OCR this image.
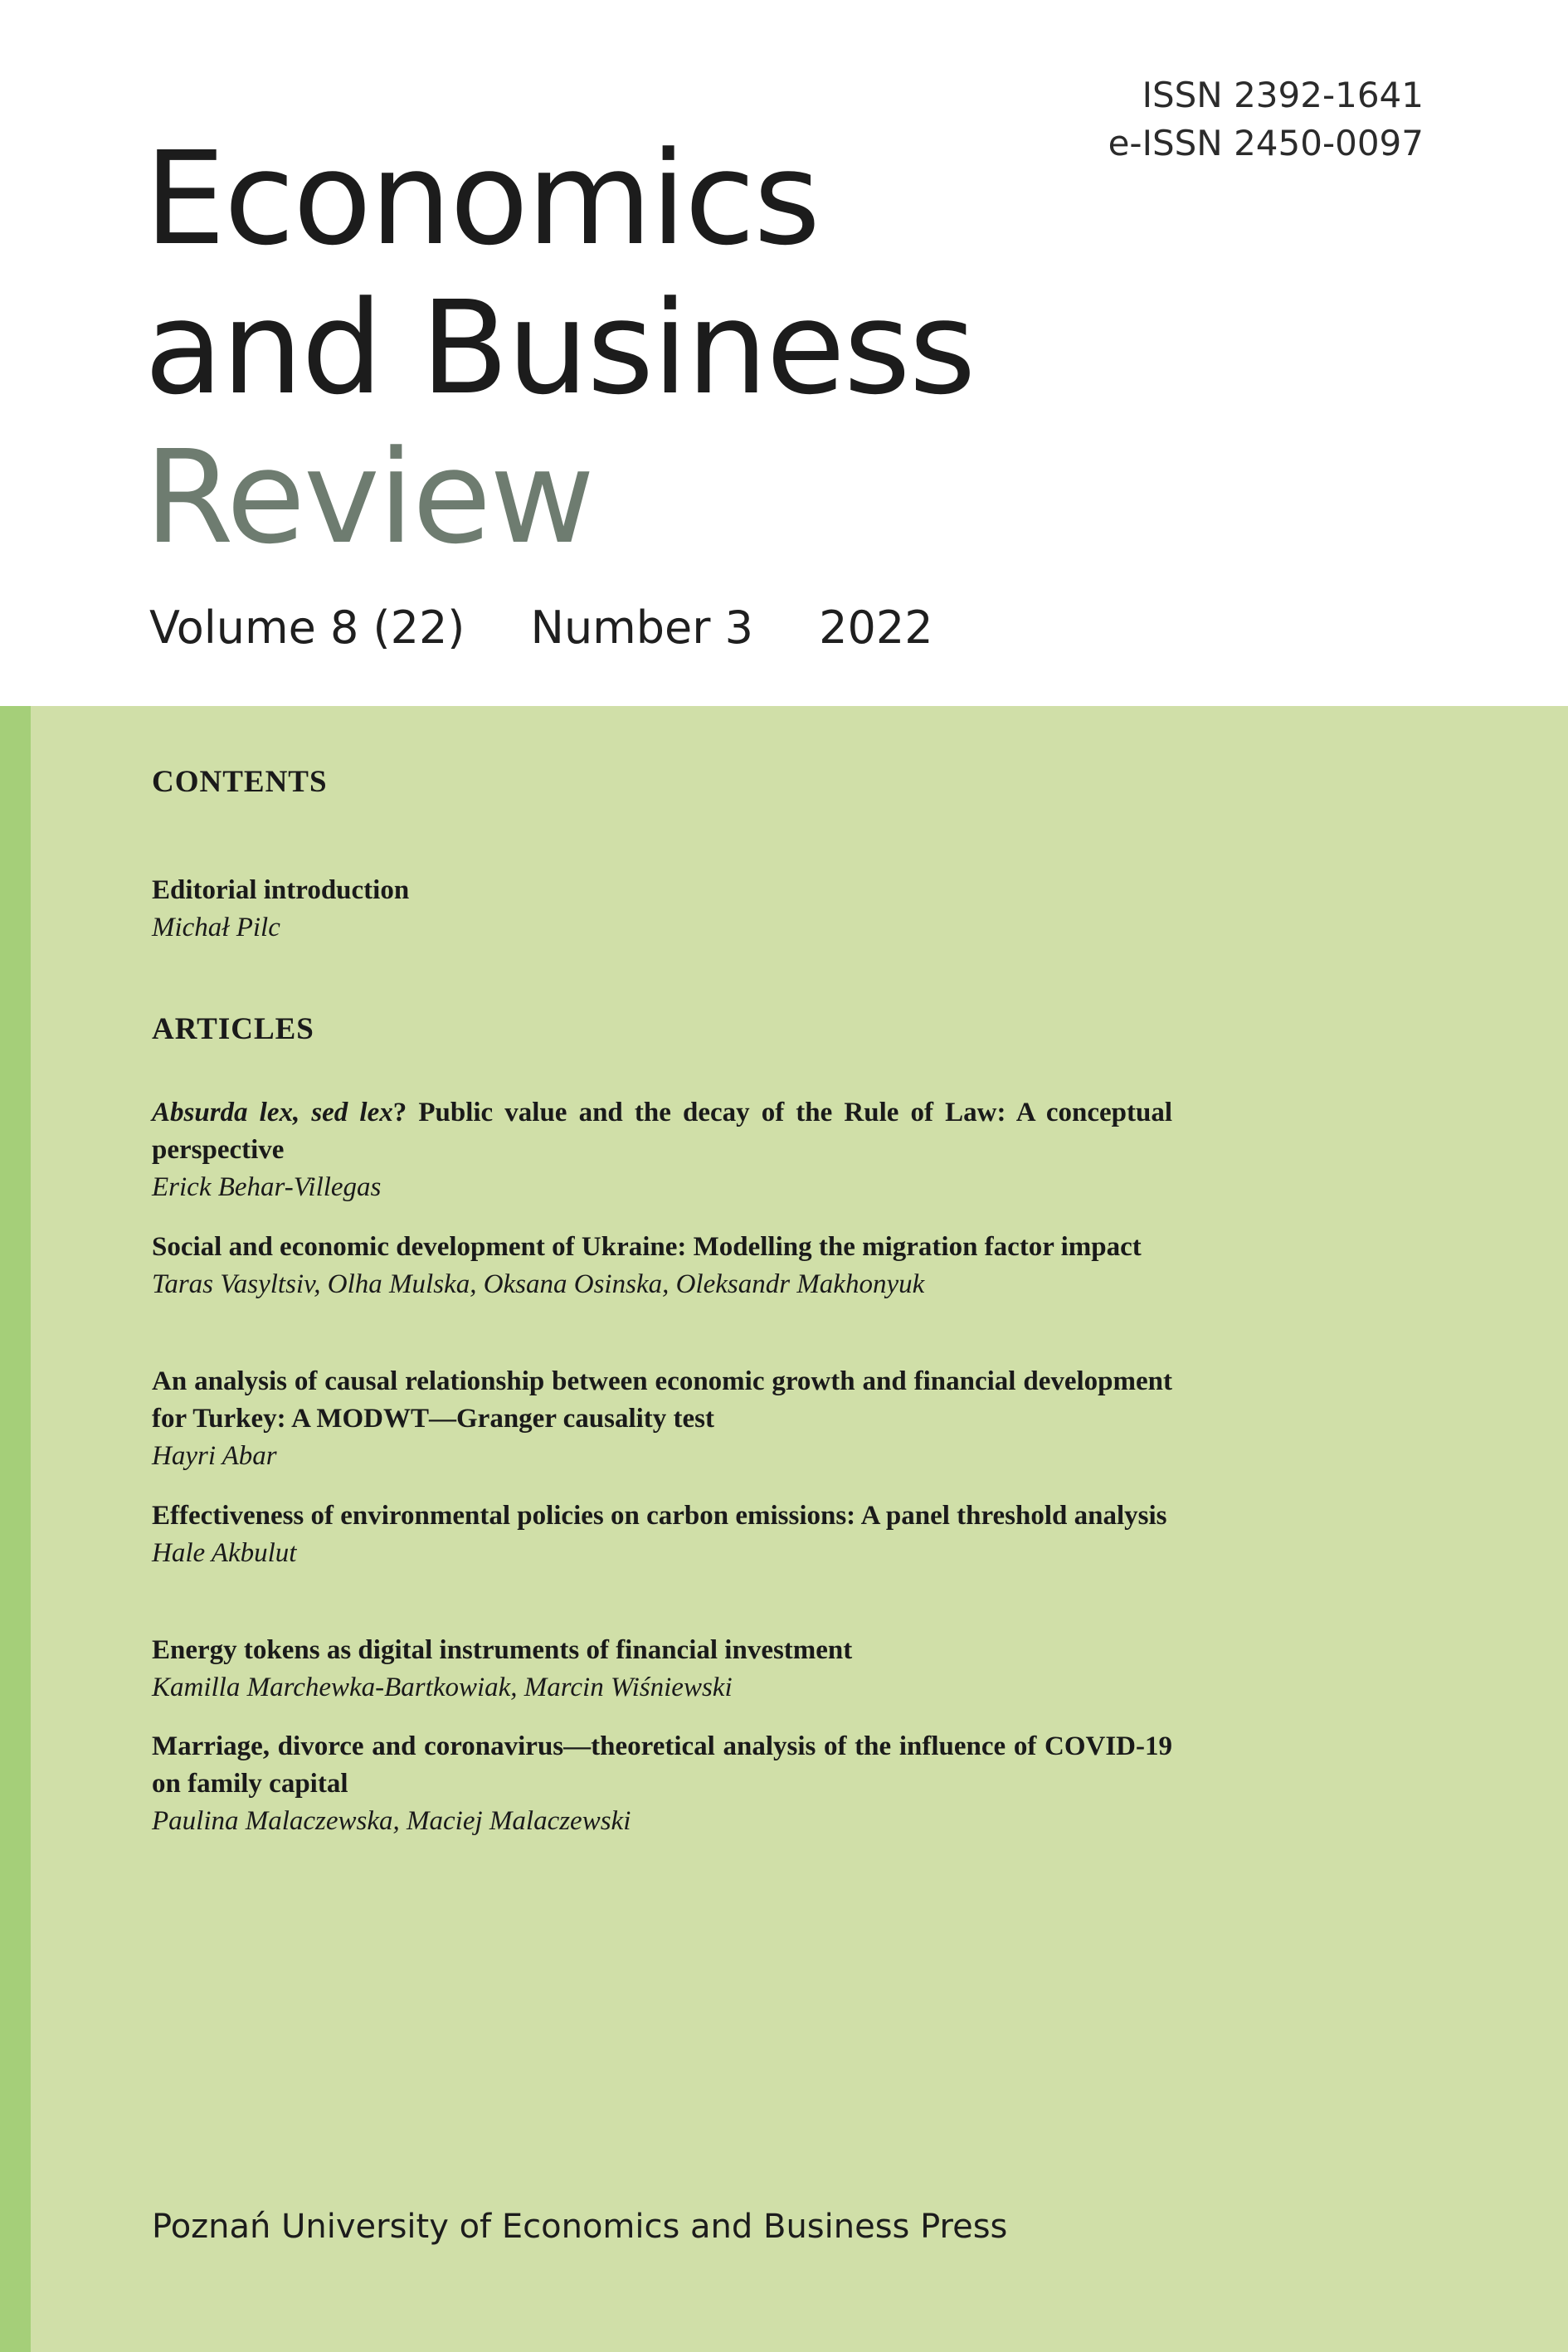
ISSN 2392-1641
e-ISSN 2450-0097
Economics
and Business
Review
Volume 8 (22) Number 3 2022
CONTENTS
Editorial introduction
Michał Pilc
ARTICLES
Absurda lex, sed lex? Public value and the decay of the Rule of Law: A conceptual perspective
Erick Behar-Villegas
Social and economic development of Ukraine: Modelling the migration factor impact
Taras Vasyltsiv, Olha Mulska, Oksana Osinska, Oleksandr Makhonyuk
An analysis of causal relationship between economic growth and financial development for Turkey: A MODWT—Granger causality test
Hayri Abar
Effectiveness of environmental policies on carbon emissions: A panel threshold analysis
Hale Akbulut
Energy tokens as digital instruments of financial investment
Kamilla Marchewka-Bartkowiak, Marcin Wiśniewski
Marriage, divorce and coronavirus—theoretical analysis of the influence of COVID-19 on family capital
Paulina Malaczewska, Maciej Malaczewski
Poznań University of Economics and Business Press
